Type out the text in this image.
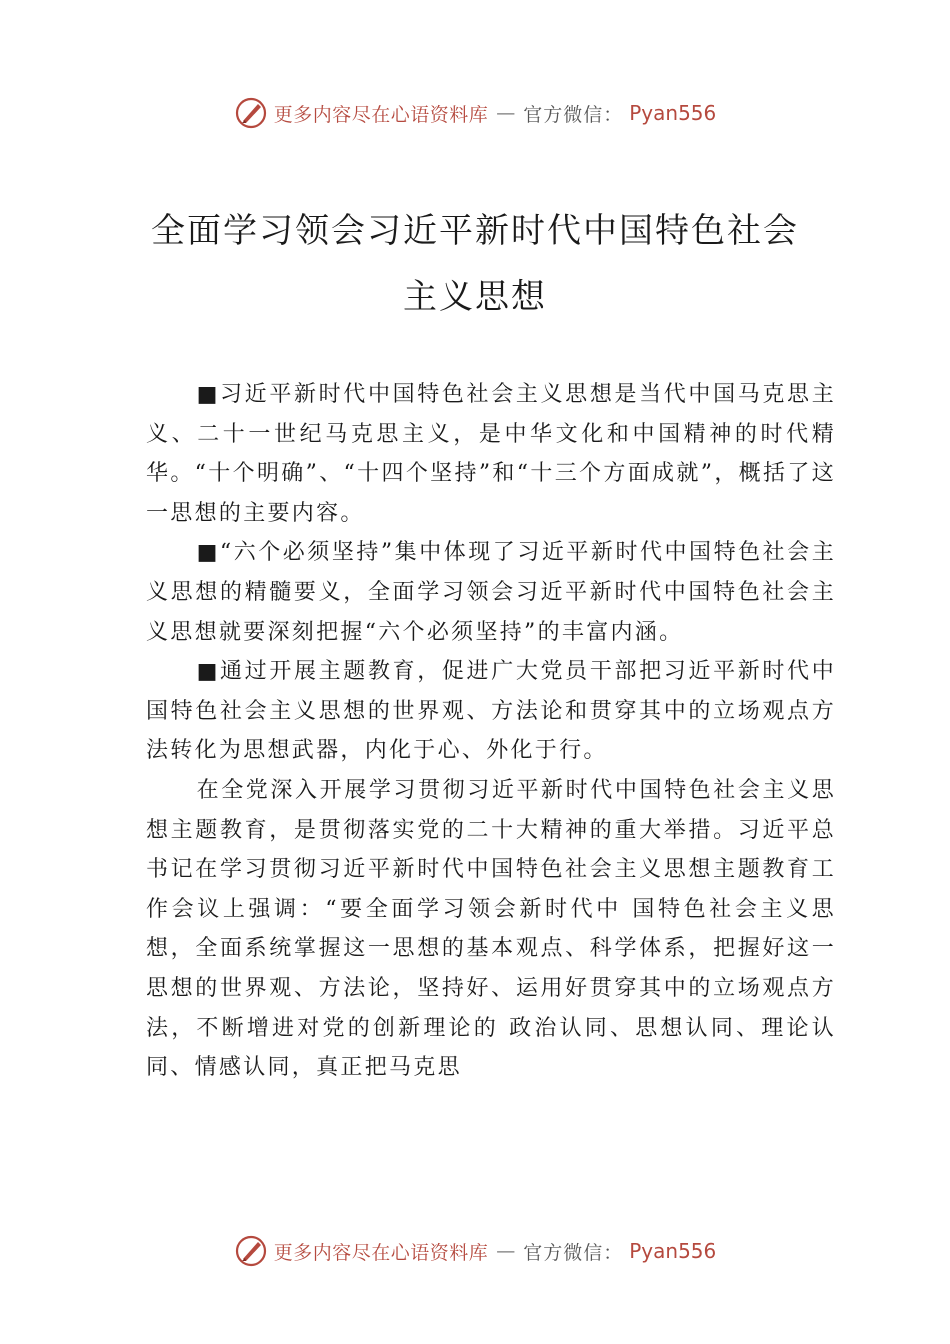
更多内容尽在心语资料库 — 官方微信： Pyan556
全面学习领会习近平新时代中国特色社会
主义思想

■习近平新时代中国特色社会主义思想是当代中国马克思主义、二十一世纪马克思主义，是中华文化和中国精神的时代精华。“十个明确”、“十四个坚持”和“十三个方面成就”，概括了这一思想的主要内容。

■“六个必须坚持”集中体现了习近平新时代中国特色社会主义思想的精髓要义，全面学习领会习近平新时代中国特色社会主义思想就要深刻把握“六个必须坚持”的丰富内涵。

■通过开展主题教育，促进广大党员干部把习近平新时代中国特色社会主义思想的世界观、方法论和贯穿其中的立场观点方法转化为思想武器，内化于心、外化于行。

在全党深入开展学习贯彻习近平新时代中国特色社会主义思想主题教育，是贯彻落实党的二十大精神的重大举措。习近平总书记在学习贯彻习近平新时代中国特色社会主义思想主题教育工作会议上强调：“要全面学习领会新时代中 国特色社会主义思想，全面系统掌握这一思想的基本观点、科学体系，把握好这一思想的世界观、方法论，坚持好、运用好贯穿其中的立场观点方法，不断增进对党的创新理论的 政治认同、思想认同、理论认同、情感认同，真正把马克思

更多内容尽在心语资料库 — 官方微信： Pyan556
